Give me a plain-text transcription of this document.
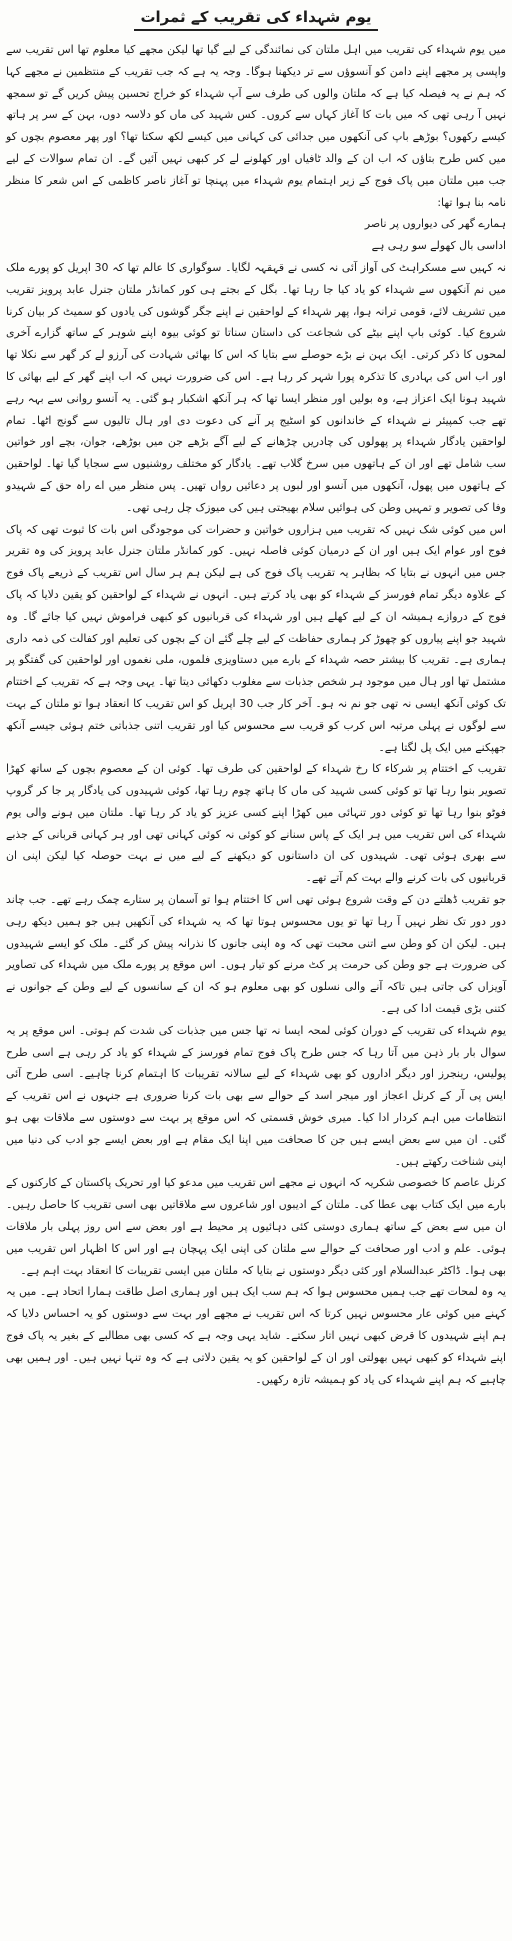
یوم شہداء کی تقریب کے ثمرات

میں یوم شہداء کی تقریب میں اہل ملتان کی نمائندگی کے لیے گیا تھا لیکن مجھے کیا معلوم تھا اس تقریب سے واپسی پر مجھے اپنے دامن کو آنسوؤں سے تر دیکھنا ہوگا۔ وجہ یہ ہے کہ جب تقریب کے منتظمین نے مجھے کہا کہ ہم نے یہ فیصلہ کیا ہے کہ ملتان والوں کی طرف سے آپ شہداء کو خراج تحسین پیش کریں گے تو سمجھ نہیں آ رہی تھی کہ میں بات کا آغاز کہاں سے کروں۔ کس شہید کی ماں کو دلاسہ دوں، بہن کے سر پر ہاتھ کیسے رکھوں؟ بوڑھے باپ کی آنکھوں میں جدائی کی کہانی میں کیسے لکھ سکتا تھا؟ اور پھر معصوم بچوں کو میں کس طرح بتاؤں کہ اب ان کے والد ٹافیاں اور کھلونے لے کر کبھی نہیں آئیں گے۔ ان تمام سوالات کے لیے جب میں ملتان میں پاک فوج کے زیر اہتمام یوم شہداء میں پہنچا تو آغاز ناصر کاظمی کے اس شعر کا منظر نامہ بنا ہوا تھا:

ہمارے گھر کی دیواروں پر ناصر

اداسی بال کھولے سو رہی ہے

نہ کہیں سے مسکراہٹ کی آواز آئی نہ کسی نے قہقہہ لگایا۔ سوگواری کا عالم تھا کہ 30 اپریل کو پورے ملک میں نم آنکھوں سے شہداء کو یاد کیا جا رہا تھا۔ بگل کے بجتے ہی کور کمانڈر ملتان جنرل عابد پرویز تقریب میں تشریف لائے، قومی ترانہ ہوا، پھر شہداء کے لواحقین نے اپنے جگر گوشوں کی یادوں کو سمیٹ کر بیان کرنا شروع کیا۔ کوئی باپ اپنے بیٹے کی شجاعت کی داستان سناتا تو کوئی بیوہ اپنے شوہر کے ساتھ گزارے آخری لمحوں کا ذکر کرتی۔ ایک بہن نے بڑے حوصلے سے بتایا کہ اس کا بھائی شہادت کی آرزو لے کر گھر سے نکلا تھا اور اب اس کی بہادری کا تذکرہ پورا شہر کر رہا ہے۔ اس کی ضرورت نہیں کہ اب اپنے گھر کے لیے بھائی کا شہید ہونا ایک اعزاز ہے، وہ بولیں اور منظر ایسا تھا کہ ہر آنکھ اشکبار ہو گئی۔ یہ آنسو روانی سے بہہ رہے تھے جب کمپیئر نے شہداء کے خاندانوں کو اسٹیج پر آنے کی دعوت دی اور ہال تالیوں سے گونج اٹھا۔ تمام لواحقین یادگار شہداء پر پھولوں کی چادریں چڑھانے کے لیے آگے بڑھے جن میں بوڑھے، جوان، بچے اور خواتین سب شامل تھے اور ان کے ہاتھوں میں سرخ گلاب تھے۔ یادگار کو مختلف روشنیوں سے سجایا گیا تھا۔ لواحقین کے ہاتھوں میں پھول، آنکھوں میں آنسو اور لبوں پر دعائیں رواں تھیں۔ پس منظر میں اے راہ حق کے شہیدو وفا کی تصویر و تمہیں وطن کی ہوائیں سلام بھیجتی ہیں کی میوزک چل رہی تھی۔

اس میں کوئی شک نہیں کہ تقریب میں ہزاروں خواتین و حضرات کی موجودگی اس بات کا ثبوت تھی کہ پاک فوج اور عوام ایک ہیں اور ان کے درمیان کوئی فاصلہ نہیں۔ کور کمانڈر ملتان جنرل عابد پرویز کی وہ تقریر جس میں انہوں نے بتایا کہ بظاہر یہ تقریب پاک فوج کی ہے لیکن ہم ہر سال اس تقریب کے ذریعے پاک فوج کے علاوہ دیگر تمام فورسز کے شہداء کو بھی یاد کرتے ہیں۔ انہوں نے شہداء کے لواحقین کو یقین دلایا کہ پاک فوج کے دروازے ہمیشہ ان کے لیے کھلے ہیں اور شہداء کی قربانیوں کو کبھی فراموش نہیں کیا جائے گا۔ وہ شہید جو اپنے پیاروں کو چھوڑ کر ہماری حفاظت کے لیے چلے گئے ان کے بچوں کی تعلیم اور کفالت کی ذمہ داری ہماری ہے۔ تقریب کا بیشتر حصہ شہداء کے بارے میں دستاویزی فلموں، ملی نغموں اور لواحقین کی گفتگو پر مشتمل تھا اور ہال میں موجود ہر شخص جذبات سے مغلوب دکھائی دیتا تھا۔ یہی وجہ ہے کہ تقریب کے اختتام تک کوئی آنکھ ایسی نہ تھی جو نم نہ ہو۔ آخر کار جب 30 اپریل کو اس تقریب کا انعقاد ہوا تو ملتان کے بہت سے لوگوں نے پہلی مرتبہ اس کرب کو قریب سے محسوس کیا اور تقریب اتنی جذباتی ختم ہوئی جیسے آنکھ جھپکنے میں ایک پل لگتا ہے۔

تقریب کے اختتام پر شرکاء کا رخ شہداء کے لواحقین کی طرف تھا۔ کوئی ان کے معصوم بچوں کے ساتھ کھڑا تصویر بنوا رہا تھا تو کوئی کسی شہید کی ماں کا ہاتھ چوم رہا تھا، کوئی شہیدوں کی یادگار پر جا کر گروپ فوٹو بنوا رہا تھا تو کوئی دور تنہائی میں کھڑا اپنے کسی عزیز کو یاد کر رہا تھا۔ ملتان میں ہونے والی یوم شہداء کی اس تقریب میں ہر ایک کے پاس سنانے کو کوئی نہ کوئی کہانی تھی اور ہر کہانی قربانی کے جذبے سے بھری ہوئی تھی۔ شہیدوں کی ان داستانوں کو دیکھنے کے لیے میں نے بہت حوصلہ کیا لیکن اپنی ان قربانیوں کی بات کرنے والے بہت کم آتے تھے۔

جو تقریب ڈھلتے دن کے وقت شروع ہوئی تھی اس کا اختتام ہوا تو آسمان پر ستارے چمک رہے تھے۔ جب چاند دور دور تک نظر نہیں آ رہا تھا تو یوں محسوس ہوتا تھا کہ یہ شہداء کی آنکھیں ہیں جو ہمیں دیکھ رہی ہیں۔ لیکن ان کو وطن سے اتنی محبت تھی کہ وہ اپنی جانوں کا نذرانہ پیش کر گئے۔ ملک کو ایسے شہیدوں کی ضرورت ہے جو وطن کی حرمت پر کٹ مرنے کو تیار ہوں۔ اس موقع پر پورے ملک میں شہداء کی تصاویر آویزاں کی جاتی ہیں تاکہ آنے والی نسلوں کو بھی معلوم ہو کہ ان کے سانسوں کے لیے وطن کے جوانوں نے کتنی بڑی قیمت ادا کی ہے۔

یوم شہداء کی تقریب کے دوران کوئی لمحہ ایسا نہ تھا جس میں جذبات کی شدت کم ہوتی۔ اس موقع پر یہ سوال بار بار ذہن میں آتا رہا کہ جس طرح پاک فوج تمام فورسز کے شہداء کو یاد کر رہی ہے اسی طرح پولیس، رینجرز اور دیگر اداروں کو بھی شہداء کے لیے سالانہ تقریبات کا اہتمام کرنا چاہیے۔ اسی طرح آئی ایس پی آر کے کرنل اعجاز اور میجر اسد کے حوالے سے بھی بات کرنا ضروری ہے جنہوں نے اس تقریب کے انتظامات میں اہم کردار ادا کیا۔ میری خوش قسمتی کہ اس موقع پر بہت سے دوستوں سے ملاقات بھی ہو گئی۔ ان میں سے بعض ایسے ہیں جن کا صحافت میں اپنا ایک مقام ہے اور بعض ایسے جو ادب کی دنیا میں اپنی شناخت رکھتے ہیں۔

کرنل عاصم کا خصوصی شکریہ کہ انہوں نے مجھے اس تقریب میں مدعو کیا اور تحریک پاکستان کے کارکنوں کے بارے میں ایک کتاب بھی عطا کی۔ ملتان کے ادیبوں اور شاعروں سے ملاقاتیں بھی اسی تقریب کا حاصل رہیں۔ ان میں سے بعض کے ساتھ ہماری دوستی کئی دہائیوں پر محیط ہے اور بعض سے اس روز پہلی بار ملاقات ہوئی۔ علم و ادب اور صحافت کے حوالے سے ملتان کی اپنی ایک پہچان ہے اور اس کا اظہار اس تقریب میں بھی ہوا۔ ڈاکٹر عبدالسلام اور کئی دیگر دوستوں نے بتایا کہ ملتان میں ایسی تقریبات کا انعقاد بہت اہم ہے۔

یہ وہ لمحات تھے جب ہمیں محسوس ہوا کہ ہم سب ایک ہیں اور ہماری اصل طاقت ہمارا اتحاد ہے۔ میں یہ کہنے میں کوئی عار محسوس نہیں کرتا کہ اس تقریب نے مجھے اور بہت سے دوستوں کو یہ احساس دلایا کہ ہم اپنے شہیدوں کا قرض کبھی نہیں اتار سکتے۔ شاید یہی وجہ ہے کہ کسی بھی مطالبے کے بغیر یہ پاک فوج اپنے شہداء کو کبھی نہیں بھولتی اور ان کے لواحقین کو یہ یقین دلاتی ہے کہ وہ تنہا نہیں ہیں۔ اور ہمیں بھی چاہیے کہ ہم اپنے شہداء کی یاد کو ہمیشہ تازہ رکھیں۔
